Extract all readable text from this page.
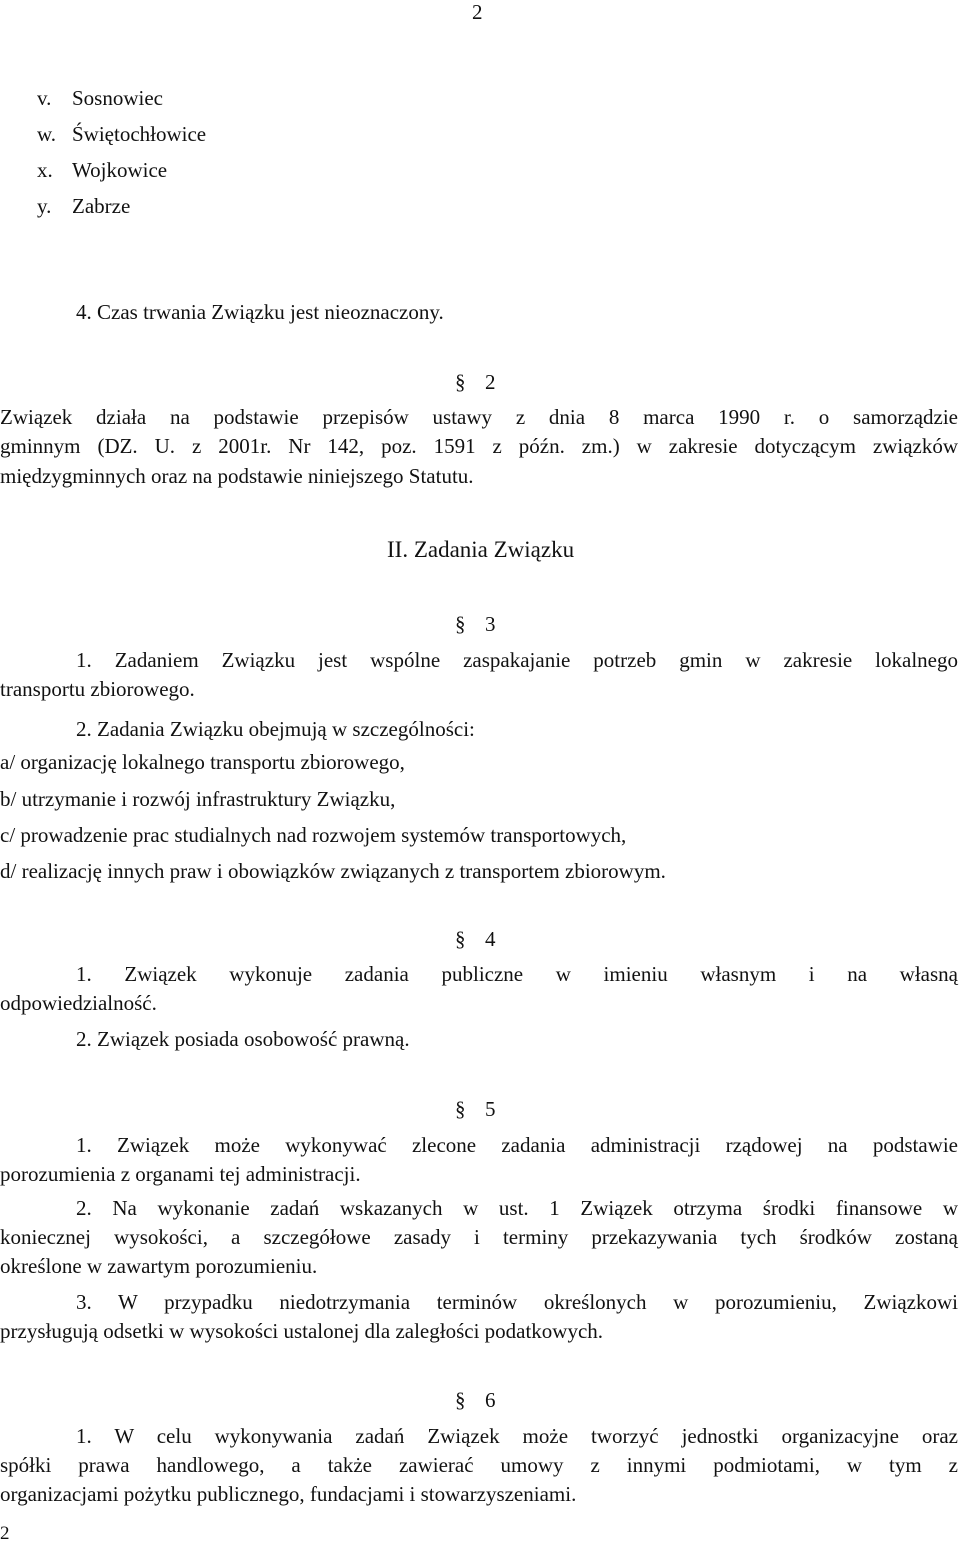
2
v. Sosnowiec
w. Świętochłowice
x. Wojkowice
y. Zabrze
4. Czas trwania Związku jest nieoznaczony.
§ 2
Związek działa na podstawie przepisów ustawy z dnia 8 marca 1990 r. o samorządzie
gminnym (DZ. U. z 2001r. Nr 142, poz. 1591 z późn. zm.) w zakresie dotyczącym związków
międzygminnych oraz na podstawie niniejszego Statutu.
II. Zadania Związku
§ 3
1. Zadaniem Związku jest wspólne zaspakajanie potrzeb gmin w zakresie lokalnego
transportu zbiorowego.
2. Zadania Związku obejmują w szczególności:
a/ organizację lokalnego transportu zbiorowego,
b/ utrzymanie i rozwój infrastruktury Związku,
c/ prowadzenie prac studialnych nad rozwojem systemów transportowych,
d/ realizację innych praw i obowiązków związanych z transportem zbiorowym.
§ 4
1. Związek wykonuje zadania publiczne w imieniu własnym i na własną
odpowiedzialność.
2. Związek posiada osobowość prawną.
§ 5
1. Związek może wykonywać zlecone zadania administracji rządowej na podstawie
porozumienia z organami tej administracji.
2. Na wykonanie zadań wskazanych w ust. 1 Związek otrzyma środki finansowe w
koniecznej wysokości, a szczegółowe zasady i terminy przekazywania tych środków zostaną
określone w zawartym porozumieniu.
3. W przypadku niedotrzymania terminów określonych w porozumieniu, Związkowi
przysługują odsetki w wysokości ustalonej dla zaległości podatkowych.
§ 6
1. W celu wykonywania zadań Związek może tworzyć jednostki organizacyjne oraz
spółki prawa handlowego, a także zawierać umowy z innymi podmiotami, w tym z
organizacjami pożytku publicznego, fundacjami i stowarzyszeniami.
2
